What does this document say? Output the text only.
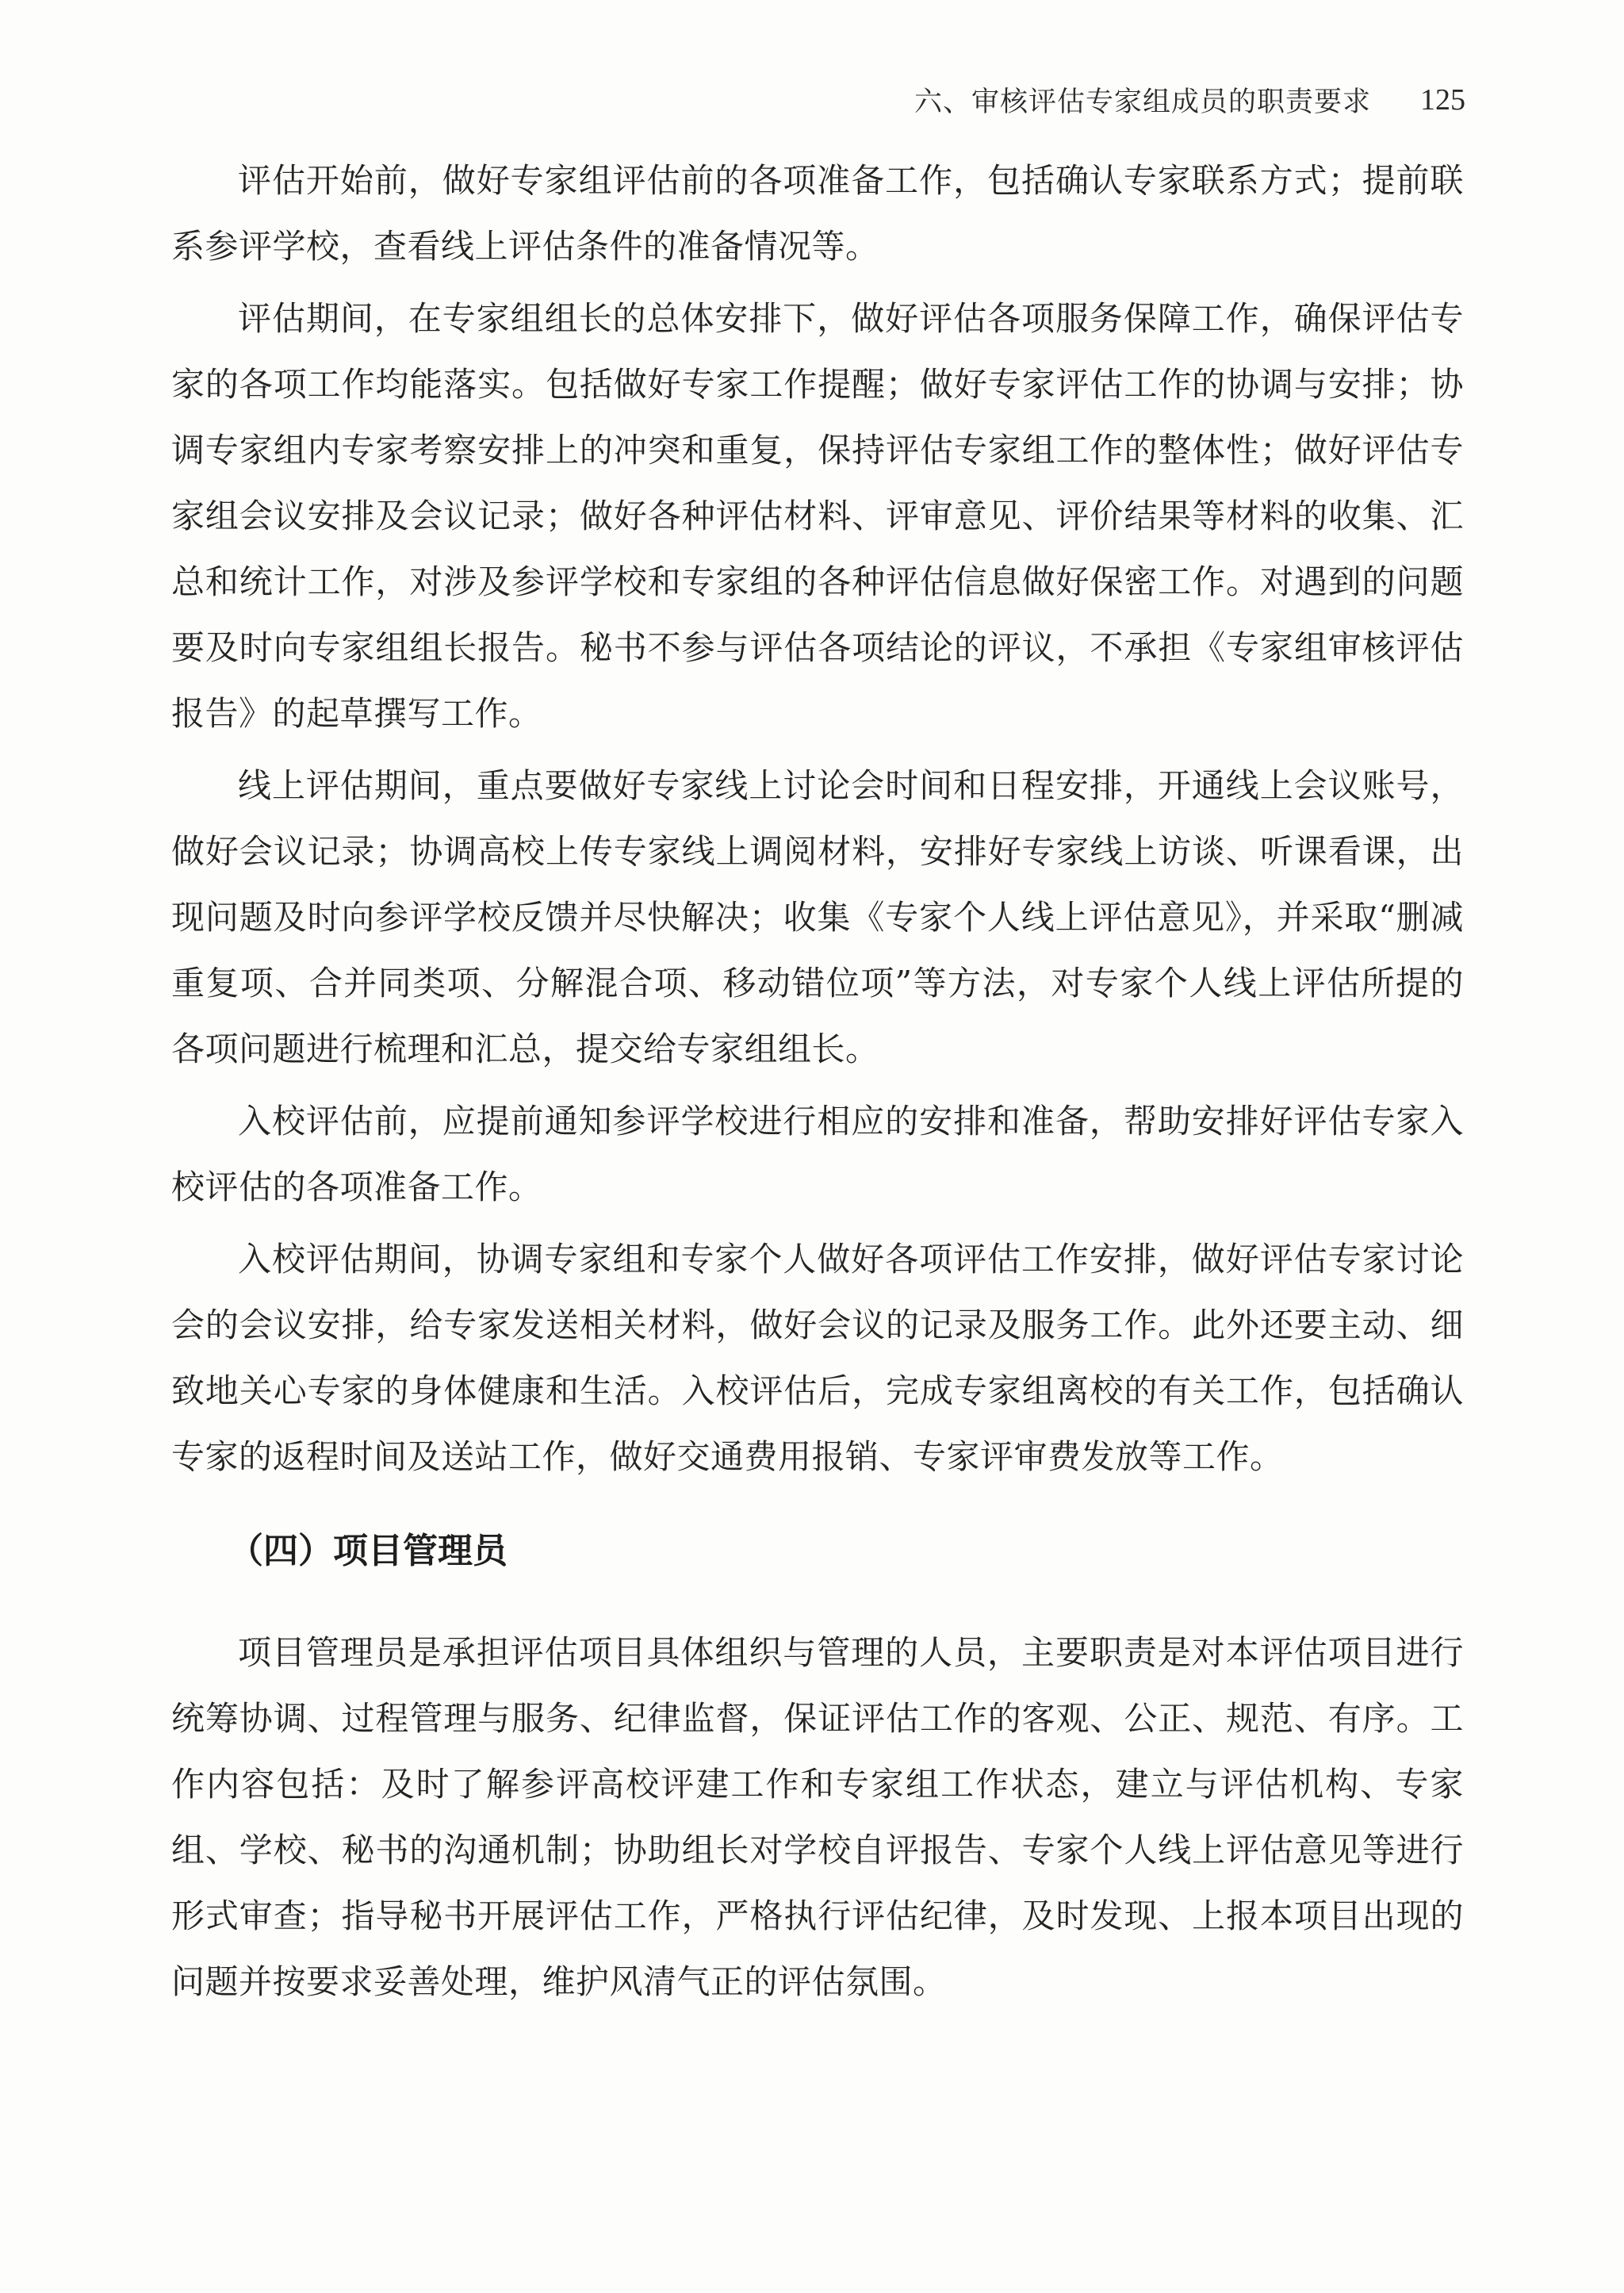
六、审核评估专家组成员的职责要求 125

评估开始前，做好专家组评估前的各项准备工作，包括确认专家联系方式；提前联系参评学校，查看线上评估条件的准备情况等。

评估期间，在专家组组长的总体安排下，做好评估各项服务保障工作，确保评估专家的各项工作均能落实。包括做好专家工作提醒；做好专家评估工作的协调与安排；协调专家组内专家考察安排上的冲突和重复，保持评估专家组工作的整体性；做好评估专家组会议安排及会议记录；做好各种评估材料、评审意见、评价结果等材料的收集、汇总和统计工作，对涉及参评学校和专家组的各种评估信息做好保密工作。对遇到的问题要及时向专家组组长报告。秘书不参与评估各项结论的评议，不承担《专家组审核评估报告》的起草撰写工作。

线上评估期间，重点要做好专家线上讨论会时间和日程安排，开通线上会议账号，做好会议记录；协调高校上传专家线上调阅材料，安排好专家线上访谈、听课看课，出现问题及时向参评学校反馈并尽快解决；收集《专家个人线上评估意见》，并采取“删减重复项、合并同类项、分解混合项、移动错位项”等方法，对专家个人线上评估所提的各项问题进行梳理和汇总，提交给专家组组长。

入校评估前，应提前通知参评学校进行相应的安排和准备，帮助安排好评估专家入校评估的各项准备工作。

入校评估期间，协调专家组和专家个人做好各项评估工作安排，做好评估专家讨论会的会议安排，给专家发送相关材料，做好会议的记录及服务工作。此外还要主动、细致地关心专家的身体健康和生活。入校评估后，完成专家组离校的有关工作，包括确认专家的返程时间及送站工作，做好交通费用报销、专家评审费发放等工作。

（四）项目管理员

项目管理员是承担评估项目具体组织与管理的人员，主要职责是对本评估项目进行统筹协调、过程管理与服务、纪律监督，保证评估工作的客观、公正、规范、有序。工作内容包括：及时了解参评高校评建工作和专家组工作状态，建立与评估机构、专家组、学校、秘书的沟通机制；协助组长对学校自评报告、专家个人线上评估意见等进行形式审查；指导秘书开展评估工作，严格执行评估纪律，及时发现、上报本项目出现的问题并按要求妥善处理，维护风清气正的评估氛围。
